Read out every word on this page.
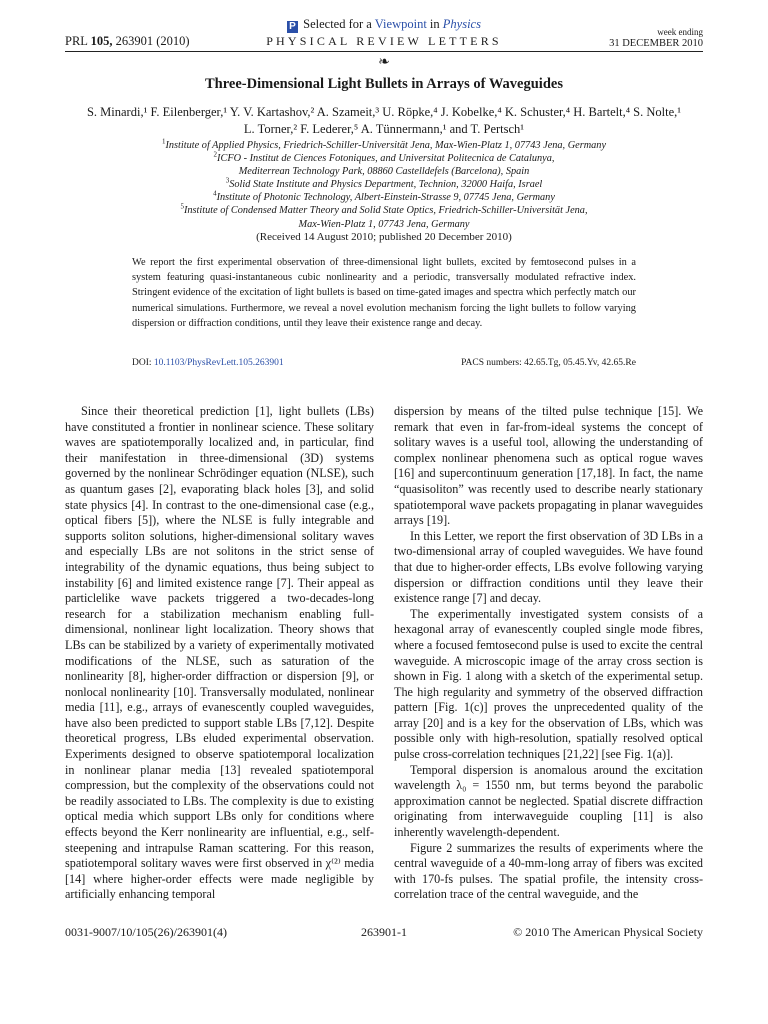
PRL 105, 263901 (2010)
P Selected for a Viewpoint in Physics
PHYSICAL REVIEW LETTERS
week ending
31 DECEMBER 2010
❧
Three-Dimensional Light Bullets in Arrays of Waveguides
S. Minardi,¹ F. Eilenberger,¹ Y. V. Kartashov,² A. Szameit,³ U. Röpke,⁴ J. Kobelke,⁴ K. Schuster,⁴ H. Bartelt,⁴ S. Nolte,¹
L. Torner,² F. Lederer,⁵ A. Tünnermann,¹ and T. Pertsch¹
$^1$Institute of Applied Physics, Friedrich-Schiller-Universität Jena, Max-Wien-Platz 1, 07743 Jena, Germany
$^2$ICFO - Institut de Ciences Fotoniques, and Universitat Politecnica de Catalunya,
Mediterrean Technology Park, 08860 Castelldefels (Barcelona), Spain
$^3$Solid State Institute and Physics Department, Technion, 32000 Haifa, Israel
$^4$Institute of Photonic Technology, Albert-Einstein-Strasse 9, 07745 Jena, Germany
$^5$Institute of Condensed Matter Theory and Solid State Optics, Friedrich-Schiller-Universität Jena,
Max-Wien-Platz 1, 07743 Jena, Germany
(Received 14 August 2010; published 20 December 2010)
We report the first experimental observation of three-dimensional light bullets, excited by femtosecond pulses in a system featuring quasi-instantaneous cubic nonlinearity and a periodic, transversally modulated refractive index. Stringent evidence of the excitation of light bullets is based on time-gated images and spectra which perfectly match our numerical simulations. Furthermore, we reveal a novel evolution mechanism forcing the light bullets to follow varying dispersion or diffraction conditions, until they leave their existence range and decay.
DOI: 10.1103/PhysRevLett.105.263901	PACS numbers: 42.65.Tg, 05.45.Yv, 42.65.Re

Since their theoretical prediction [1], light bullets (LBs) have constituted a frontier in nonlinear science. These solitary waves are spatiotemporally localized and, in particular, find their manifestation in three-dimensional (3D) systems governed by the nonlinear Schrödinger equation (NLSE), such as quantum gases [2], evaporating black holes [3], and solid state physics [4]. In contrast to the one-dimensional case (e.g., optical fibers [5]), where the NLSE is fully integrable and supports soliton solutions, higher-dimensional solitary waves and especially LBs are not solitons in the strict sense of integrability of the dynamic equations, thus being subject to instability [6] and limited existence range [7]. Their appeal as particlelike wave packets triggered a two-decades-long research for a stabilization mechanism enabling full-dimensional, nonlinear light localization. Theory shows that LBs can be stabilized by a variety of experimentally motivated modifications of the NLSE, such as saturation of the nonlinearity [8], higher-order diffraction or dispersion [9], or nonlocal nonlinearity [10]. Transversally modulated, nonlinear media [11], e.g., arrays of evanescently coupled waveguides, have also been predicted to support stable LBs [7,12]. Despite theoretical progress, LBs eluded experimental observation. Experiments designed to observe spatiotemporal localization in nonlinear planar media [13] revealed spatiotemporal compression, but the complexity of the observations could not be readily associated to LBs. The complexity is due to existing optical media which support LBs only for conditions where effects beyond the Kerr nonlinearity are influential, e.g., self-steepening and intrapulse Raman scattering. For this reason, spatiotemporal solitary waves were first observed in χ⁽²⁾ media [14] where higher-order effects were made negligible by artificially enhancing temporal

dispersion by means of the tilted pulse technique [15]. We remark that even in far-from-ideal systems the concept of solitary waves is a useful tool, allowing the understanding of complex nonlinear phenomena such as optical rogue waves [16] and supercontinuum generation [17,18]. In fact, the name “quasisoliton” was recently used to describe nearly stationary spatiotemporal wave packets propagating in planar waveguides arrays [19].

In this Letter, we report the first observation of 3D LBs in a two-dimensional array of coupled waveguides. We have found that due to higher-order effects, LBs evolve following varying dispersion or diffraction conditions until they leave their existence range [7] and decay.

The experimentally investigated system consists of a hexagonal array of evanescently coupled single mode fibres, where a focused femtosecond pulse is used to excite the central waveguide. A microscopic image of the array cross section is shown in Fig. 1 along with a sketch of the experimental setup. The high regularity and symmetry of the observed diffraction pattern [Fig. 1(c)] proves the unprecedented quality of the array [20] and is a key for the observation of LBs, which was possible only with high-resolution, spatially resolved optical pulse cross-correlation techniques [21,22] [see Fig. 1(a)].

Temporal dispersion is anomalous around the excitation wavelength λ₀ = 1550 nm, but terms beyond the parabolic approximation cannot be neglected. Spatial discrete diffraction originating from interwaveguide coupling [11] is also inherently wavelength-dependent.

Figure 2 summarizes the results of experiments where the central waveguide of a 40-mm-long array of fibers was excited with 170-fs pulses. The spatial profile, the intensity cross-correlation trace of the central waveguide, and the

0031-9007/10/105(26)/263901(4)	263901-1	© 2010 The American Physical Society
